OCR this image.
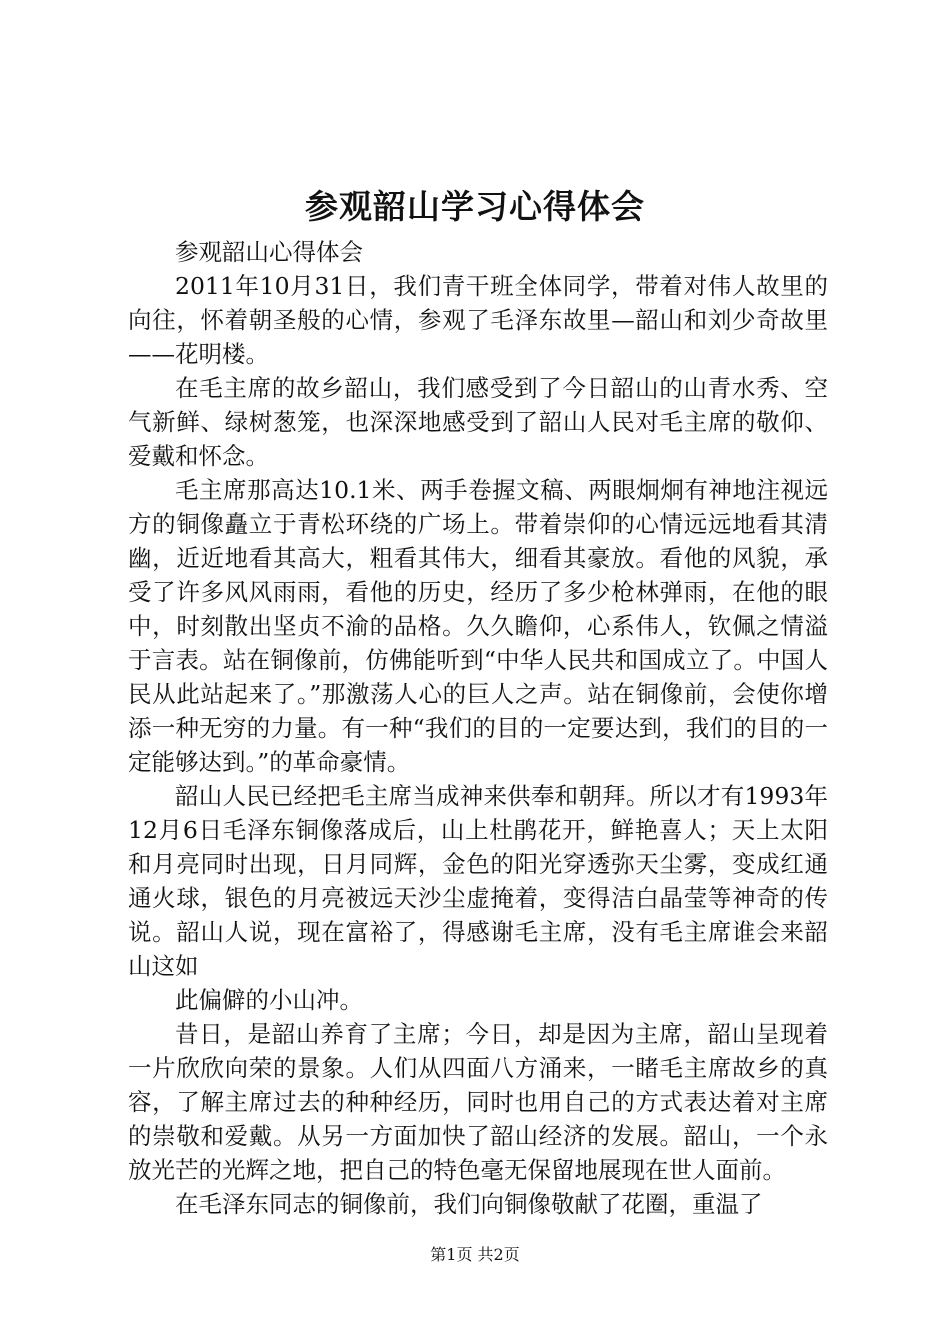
参观韶山学习心得体会

参观韶山心得体会

2011年10月31日，我们青干班全体同学，带着对伟人故里的向往，怀着朝圣般的心情，参观了毛泽东故里—韶山和刘少奇故里——花明楼。

在毛主席的故乡韶山，我们感受到了今日韶山的山青水秀、空气新鲜、绿树葱笼，也深深地感受到了韶山人民对毛主席的敬仰、爱戴和怀念。

毛主席那高达10.1米、两手卷握文稿、两眼炯炯有神地注视远方的铜像矗立于青松环绕的广场上。带着崇仰的心情远远地看其清幽，近近地看其高大，粗看其伟大，细看其豪放。看他的风貌，承受了许多风风雨雨，看他的历史，经历了多少枪林弹雨，在他的眼中，时刻散出坚贞不渝的品格。久久瞻仰，心系伟人，钦佩之情溢于言表。站在铜像前，仿佛能听到“中华人民共和国成立了。中国人民从此站起来了。”那激荡人心的巨人之声。站在铜像前，会使你增添一种无穷的力量。有一种“我们的目的一定要达到，我们的目的一定能够达到。”的革命豪情。

韶山人民已经把毛主席当成神来供奉和朝拜。所以才有1993年12月6日毛泽东铜像落成后，山上杜鹃花开，鲜艳喜人；天上太阳和月亮同时出现，日月同辉，金色的阳光穿透弥天尘雾，变成红通通火球，银色的月亮被远天沙尘虚掩着，变得洁白晶莹等神奇的传说。韶山人说，现在富裕了，得感谢毛主席，没有毛主席谁会来韶山这如

此偏僻的小山冲。

昔日，是韶山养育了主席；今日，却是因为主席，韶山呈现着一片欣欣向荣的景象。人们从四面八方涌来，一睹毛主席故乡的真容，了解主席过去的种种经历，同时也用自己的方式表达着对主席的崇敬和爱戴。从另一方面加快了韶山经济的发展。韶山，一个永放光芒的光辉之地，把自己的特色毫无保留地展现在世人面前。

在毛泽东同志的铜像前，我们向铜像敬献了花圈，重温了

第1页 共2页
